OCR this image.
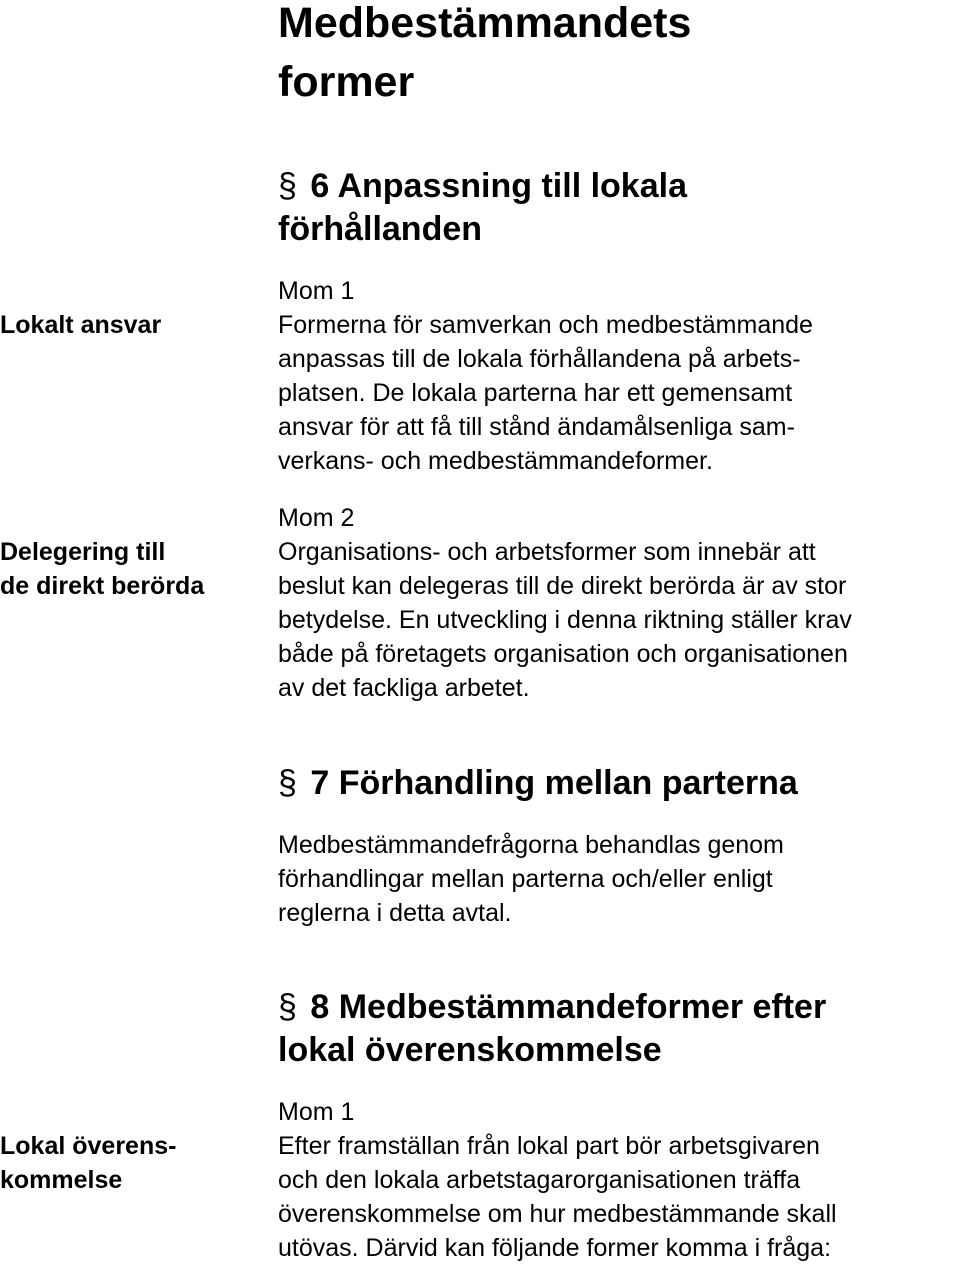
Medbestämmandets
former
§ 6 Anpassning till lokala
förhållanden
Lokalt ansvar
Mom 1
Formerna för samverkan och medbestämmande
anpassas till de lokala förhållandena på arbets-
platsen. De lokala parterna har ett gemensamt
ansvar för att få till stånd ändamålsenliga sam-
verkans- och medbestämmandeformer.
Delegering till
de direkt berörda
Mom 2
Organisations- och arbetsformer som innebär att
beslut kan delegeras till de direkt berörda är av stor
betydelse. En utveckling i denna riktning ställer krav
både på företagets organisation och organisationen
av det fackliga arbetet.
§ 7 Förhandling mellan parterna
Medbestämmandefrågorna behandlas genom
förhandlingar mellan parterna och/eller enligt
reglerna i detta avtal.
§ 8 Medbestämmandeformer efter
lokal överenskommelse
Lokal överens-
kommelse
Mom 1
Efter framställan från lokal part bör arbetsgivaren
och den lokala arbetstagarorganisationen träffa
överenskommelse om hur medbestämmande skall
utövas. Därvid kan följande former komma i fråga:
